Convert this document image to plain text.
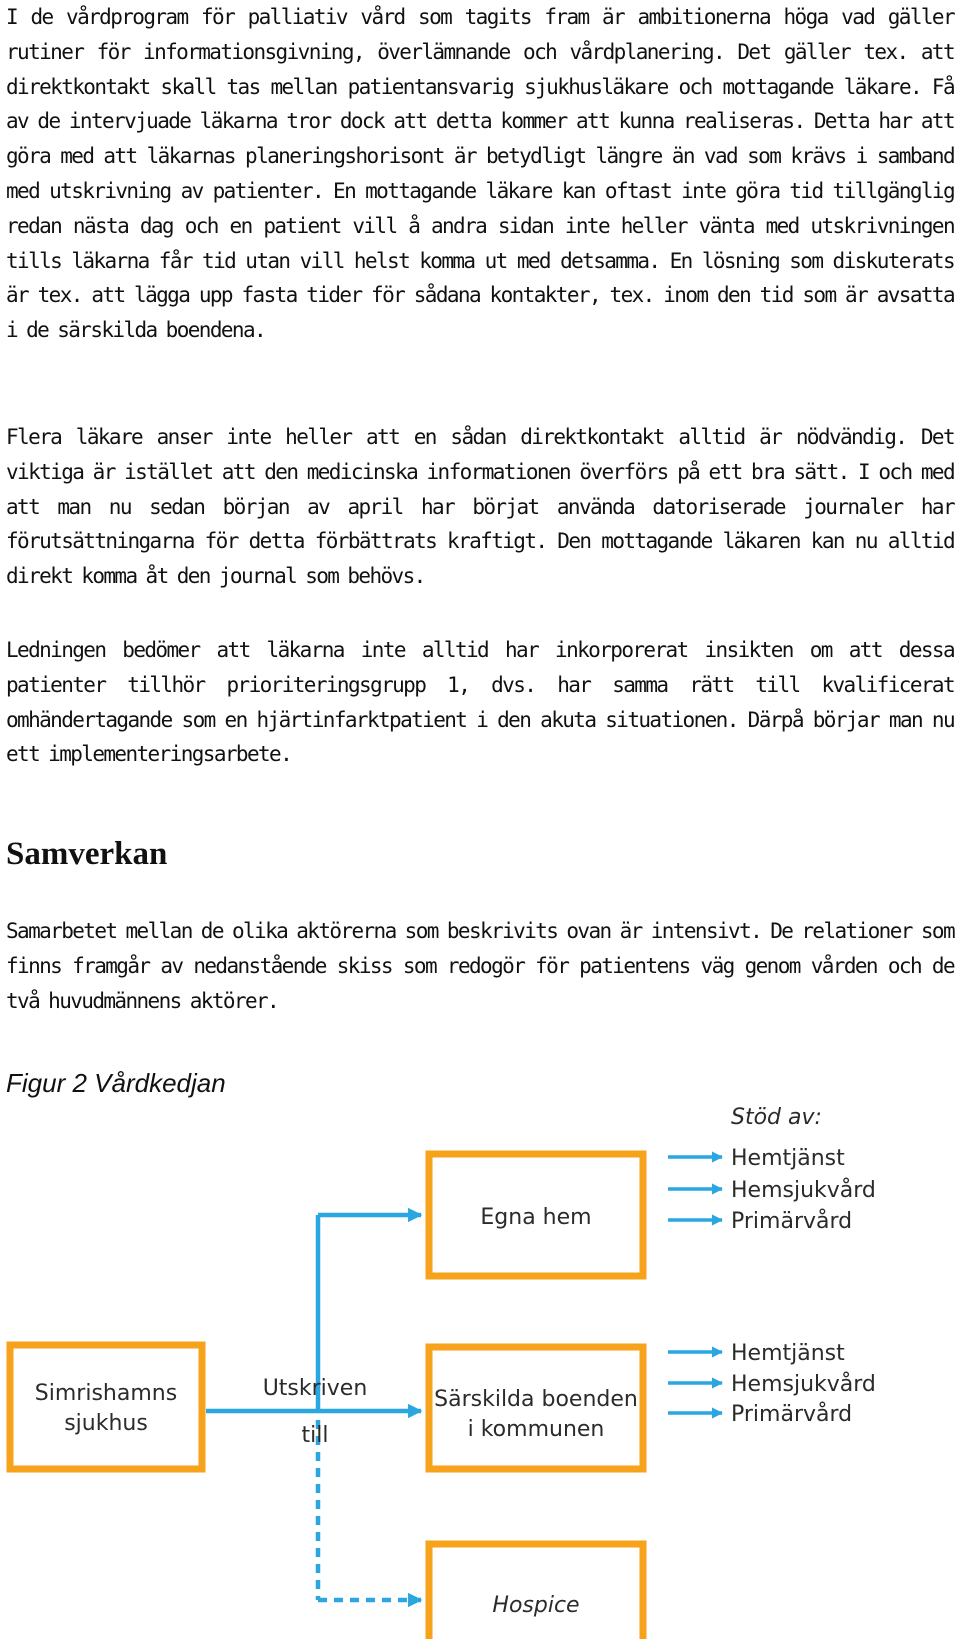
I de vårdprogram för palliativ vård som tagits fram är ambitionerna höga vad gäller rutiner för informationsgivning, överlämnande och vårdplanering. Det gäller tex. att direktkontakt skall tas mellan patientansvarig sjukhusläkare och mottagande läkare. Få av de intervjuade läkarna tror dock att detta kommer att kunna realiseras. Detta har att göra med att läkarnas planeringshorisont är betydligt längre än vad som krävs i samband med utskrivning av patienter. En mottagande läkare kan oftast inte göra tid tillgänglig redan nästa dag och en patient vill å andra sidan inte heller vänta med utskrivningen tills läkarna får tid utan vill helst komma ut med detsamma. En lösning som diskuterats är tex. att lägga upp fasta tider för sådana kontakter, tex. inom den tid som är avsatta i de särskilda boendena.

Flera läkare anser inte heller att en sådan direktkontakt alltid är nödvändig. Det viktiga är istället att den medicinska informationen överförs på ett bra sätt. I och med att man nu sedan början av april har börjat använda datoriserade journaler har förutsättningarna för detta förbättrats kraftigt. Den mottagande läkaren kan nu alltid direkt komma åt den journal som behövs.

Ledningen bedömer att läkarna inte alltid har inkorporerat insikten om att dessa patienter tillhör prioriteringsgrupp 1, dvs. har samma rätt till kvalificerat omhändertagande som en hjärtinfarktpatient i den akuta situationen. Därpå börjar man nu ett implementeringsarbete.

Samverkan

Samarbetet mellan de olika aktörerna som beskrivits ovan är intensivt. De relationer som finns framgår av nedanstående skiss som redogör för patientens väg genom vården och de två huvudmännens aktörer.

Figur 2 Vårdkedjan

Simrishamns
sjukhus
Utskriven
till
Egna hem
Särskilda boenden
i kommunen
Hospice
Stöd av:
Hemtjänst
Hemsjukvård
Primärvård
Hemtjänst
Hemsjukvård
Primärvård
